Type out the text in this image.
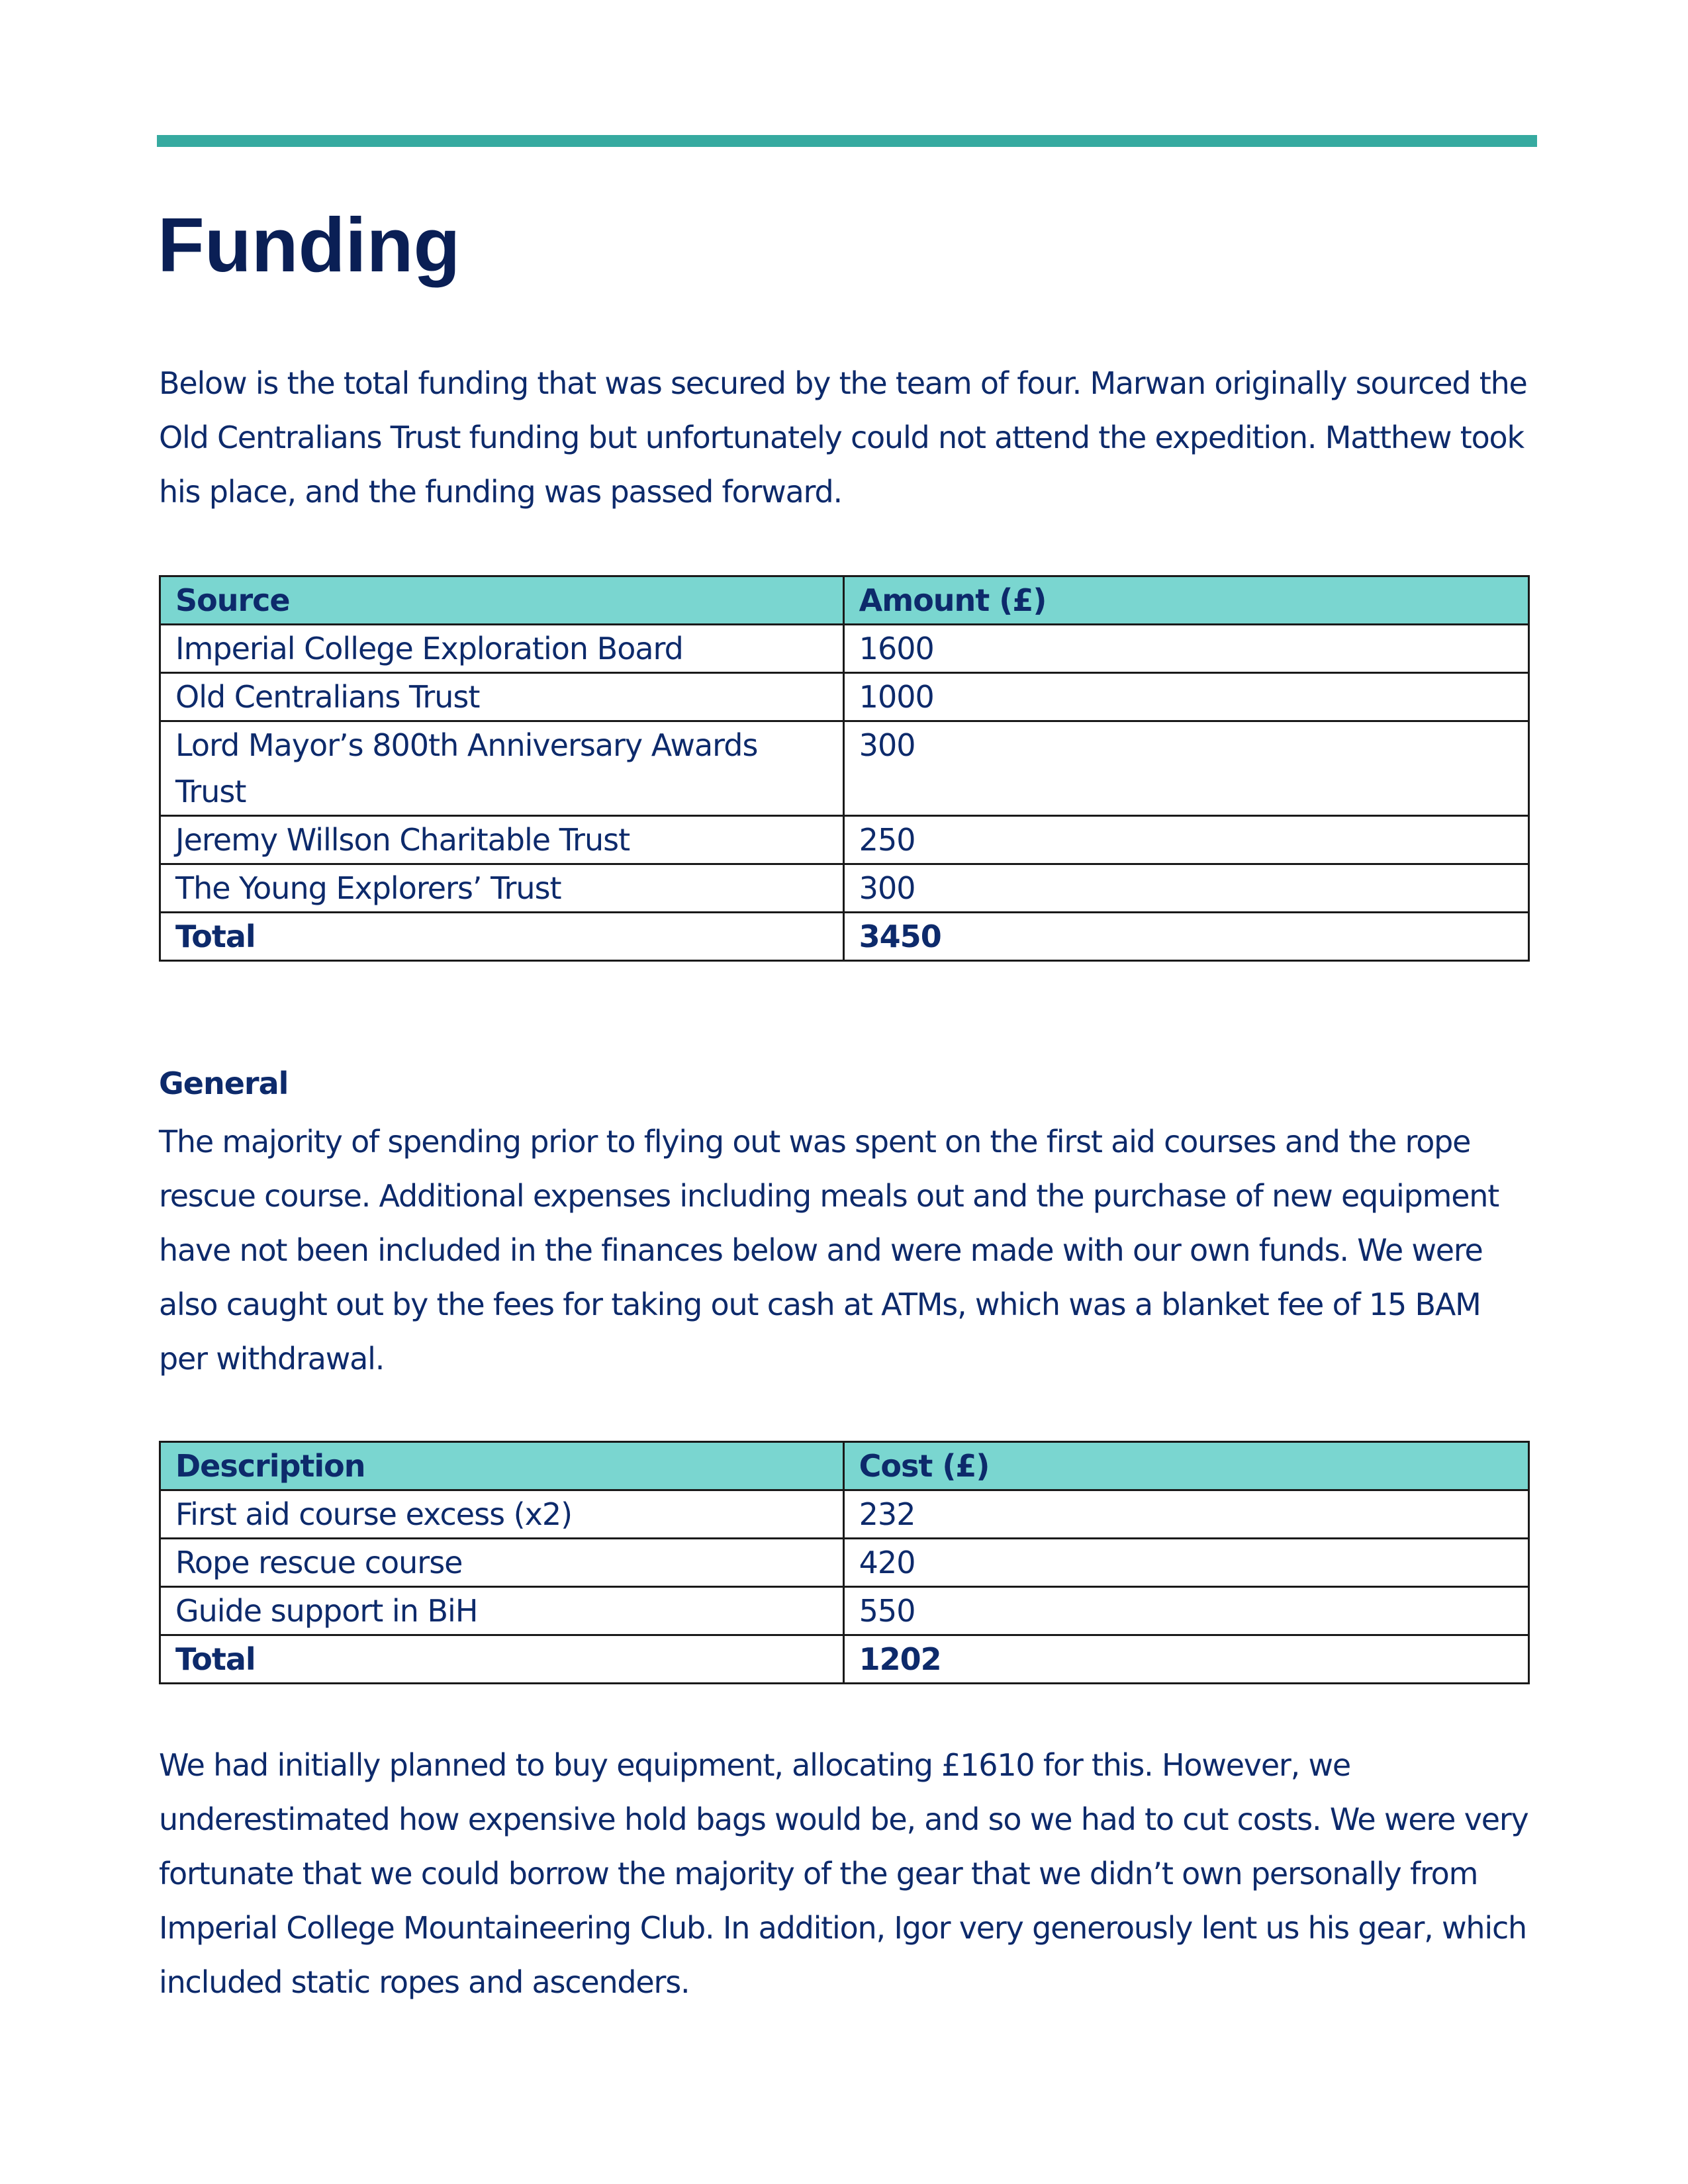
Funding

Below is the total funding that was secured by the team of four. Marwan originally sourced the Old Centralians Trust funding but unfortunately could not attend the expedition. Matthew took his place, and the funding was passed forward.

Source	Amount (£)
Imperial College Exploration Board	1600
Old Centralians Trust	1000
Lord Mayor’s 800th Anniversary Awards Trust	300
Jeremy Willson Charitable Trust	250
The Young Explorers’ Trust	300
Total	3450
General

The majority of spending prior to flying out was spent on the first aid courses and the rope rescue course. Additional expenses including meals out and the purchase of new equipment have not been included in the finances below and were made with our own funds. We were also caught out by the fees for taking out cash at ATMs, which was a blanket fee of 15 BAM per withdrawal.

Description	Cost (£)
First aid course excess (x2)	232
Rope rescue course	420
Guide support in BiH	550
Total	1202

We had initially planned to buy equipment, allocating £1610 for this. However, we underestimated how expensive hold bags would be, and so we had to cut costs. We were very fortunate that we could borrow the majority of the gear that we didn’t own personally from Imperial College Mountaineering Club. In addition, Igor very generously lent us his gear, which included static ropes and ascenders.
